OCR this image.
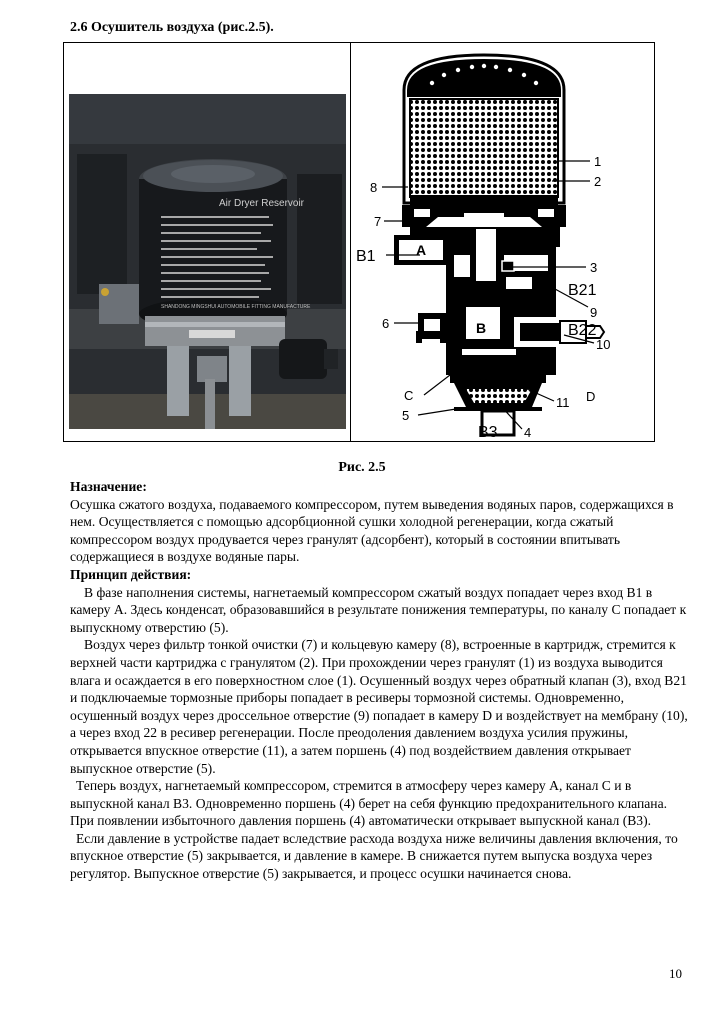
2.6 Осушитель воздуха (рис.2.5).
Air Dryer Reservoir
SHANDONG MINGSHUI AUTOMOBILE FITTING MANUFACTURE
1
2
3
4
5
6
7
8
9
10
11 D
C
B21
B22
B1
B3
A
B
Рис. 2.5

Назначение:

Осушка сжатого воздуха, подаваемого компрессором, путем выведения водяных паров, содержащихся в нем. Осуществляется с помощью адсорбционной сушки холодной регенерации, когда сжатый компрессором воздух продувается через гранулят (адсорбент), который в состоянии впитывать содержащиеся в воздухе водяные пары.

Принцип действия:

В фазе наполнения системы, нагнетаемый компрессором сжатый воздух попадает через вход В1 в камеру А. Здесь конденсат, образовавшийся в результате понижения температуры, по каналу С попадает к выпускному отверстию (5).

Воздух через фильтр тонкой очистки (7) и кольцевую камеру (8), встроенные в картридж, стремится к верхней части картриджа с гранулятом (2). При прохождении через гранулят (1) из воздуха выводится влага и осаждается в его поверхностном слое (1). Осушенный воздух через обратный клапан (3), вход В21 и подключаемые тормозные приборы попадает в ресиверы тормозной системы. Одновременно, осушенный воздух через дроссельное отверстие (9) попадает в камеру D и воздействует на мембрану (10), а через вход 22 в ресивер регенерации. После преодоления давлением воздуха усилия пружины, открывается впускное отверстие (11), а затем поршень (4) под воздействием давления открывает выпускное отверстие (5).

Теперь воздух, нагнетаемый компрессором, стремится в атмосферу через камеру А, канал С и в выпускной канал В3. Одновременно поршень (4) берет на себя функцию предохранительного клапана. При появлении избыточного давления поршень (4) автоматически открывает выпускной канал (В3).

Если давление в устройстве падает вследствие расхода воздуха ниже величины давления включения, то впускное отверстие (5) закрывается, и давление в камере. В снижается путем выпуска воздуха через регулятор. Выпускное отверстие (5) закрывается, и процесс осушки начинается снова.

10
